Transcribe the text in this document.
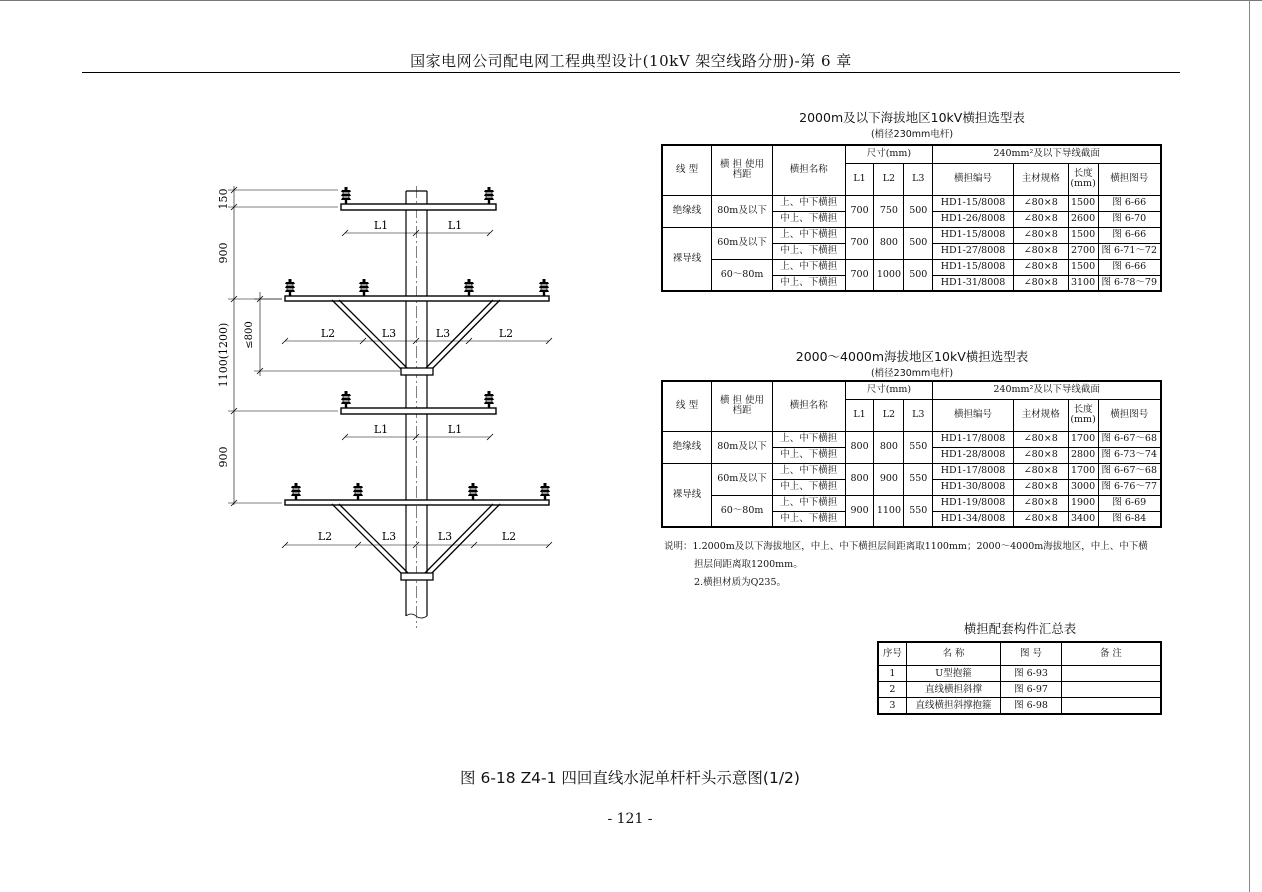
国家电网公司配电网工程典型设计(10kV 架空线路分册)-第 6 章
L1	L1
L2	L3	L3	L2
L1	L1
L2	L3	L3	L2
150
900
1100(1200) ≤800
900
2000m及以下海拔地区10kV横担选型表
(梢径230mm电杆)
线 型	横 担 使用档距	横担名称	尺寸(mm)			240mm²及以下导线截面			
			L1	L2	L3	横担编号	主材规格	长度 (mm)	横担图号
绝缘线	80m及以下	上、中下横担	700	750	500	HD1-15/8008	∠80×8	1500	图 6-66
		中上、下横担				HD1-26/8008	∠80×8	2600	图 6-70
裸导线	60m及以下	上、中下横担	700	800	500	HD1-15/8008	∠80×8	1500	图 6-66
		中上、下横担				HD1-27/8008	∠80×8	2700	图 6-71～72
	60～80m	上、中下横担	700	1000	500	HD1-15/8008	∠80×8	1500	图 6-66
		中上、下横担				HD1-31/8008	∠80×8	3100	图 6-78～79
2000～4000m海拔地区10kV横担选型表
(梢径230mm电杆)
线 型	横 担 使用档距	横担名称	尺寸(mm)			240mm²及以下导线截面			
			L1	L2	L3	横担编号	主材规格	长度 (mm)	横担图号
绝缘线	80m及以下	上、中下横担	800	800	550	HD1-17/8008	∠80×8	1700	图 6-67～68
		中上、下横担				HD1-28/8008	∠80×8	2800	图 6-73～74
裸导线	60m及以下	上、中下横担	800	900	550	HD1-17/8008	∠80×8	1700	图 6-67～68
		中上、下横担				HD1-30/8008	∠80×8	3000	图 6-76～77
	60～80m	上、中下横担	900	1100	550	HD1-19/8008	∠80×8	1900	图 6-69
		中上、下横担				HD1-34/8008	∠80×8	3400	图 6-84
说明：1.2000m及以下海拔地区，中上、中下横担层间距离取1100mm；2000～4000m海拔地区，中上、中下横
担层间距离取1200mm。
2.横担材质为Q235。
横担配套构件汇总表
序号	名 称	图 号	备 注
1	U型抱箍	图 6-93	
2	直线横担斜撑	图 6-97	
3	直线横担斜撑抱箍	图 6-98	
图 6-18 Z4-1 四回直线水泥单杆杆头示意图(1/2)
- 121 -
